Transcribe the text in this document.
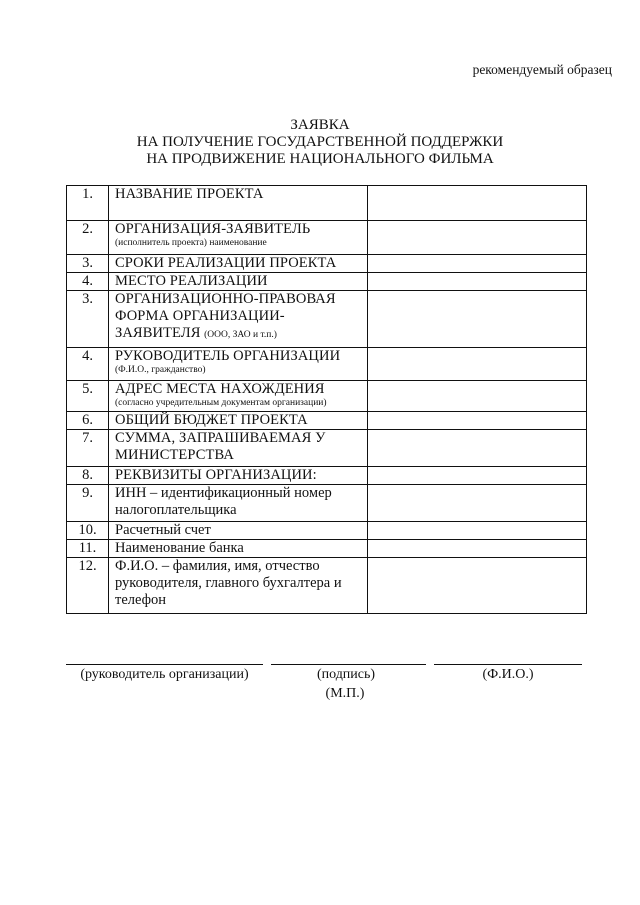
рекомендуемый образец
ЗАЯВКА
НА ПОЛУЧЕНИЕ ГОСУДАРСТВЕННОЙ ПОДДЕРЖКИ
НА ПРОДВИЖЕНИЕ НАЦИОНАЛЬНОГО ФИЛЬМА
1.	НАЗВАНИЕ ПРОЕКТА	
2.	ОРГАНИЗАЦИЯ-ЗАЯВИТЕЛЬ
(исполнитель проекта) наименование	

3.	СРОКИ РЕАЛИЗАЦИИ ПРОЕКТА	
4.	МЕСТО РЕАЛИЗАЦИИ	
3.	ОРГАНИЗАЦИОННО-ПРАВОВАЯ ФОРМА ОРГАНИЗАЦИИ-ЗАЯВИТЕЛЯ (ООО, ЗАО и т.п.)	
4.	РУКОВОДИТЕЛЬ ОРГАНИЗАЦИИ
(Ф.И.О., гражданство)	

5.	АДРЕС МЕСТА НАХОЖДЕНИЯ
(согласно учредительным документам организации)	

6.	ОБЩИЙ БЮДЖЕТ ПРОЕКТА	
7.	СУММА, ЗАПРАШИВАЕМАЯ У МИНИСТЕРСТВА	
8.	РЕКВИЗИТЫ ОРГАНИЗАЦИИ:	
9.	ИНН – идентификационный номер налогоплательщика	
10.	Расчетный счет	
11.	Наименование банка	
12.	Ф.И.О. – фамилия, имя, отчество руководителя, главного бухгалтера и телефон	
(руководитель организации)	(подпись)	(Ф.И.О.)
(М.П.)
